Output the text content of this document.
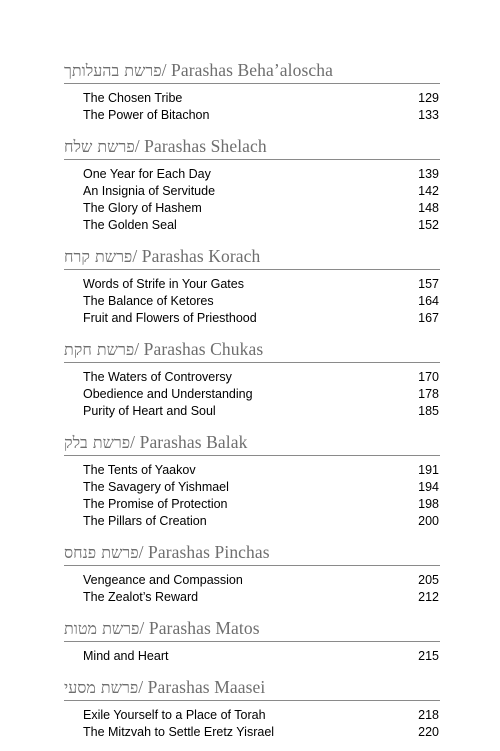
פרשת בהעלותך/ Parashas Beha’aloscha
The Chosen Tribe	129
The Power of Bitachon	133
פרשת שלח/ Parashas Shelach
One Year for Each Day	139
An Insignia of Servitude	142
The Glory of Hashem	148
The Golden Seal	152
פרשת קרח/ Parashas Korach
Words of Strife in Your Gates	157
The Balance of Ketores	164
Fruit and Flowers of Priesthood	167
פרשת חקת/ Parashas Chukas
The Waters of Controversy	170
Obedience and Understanding	178
Purity of Heart and Soul	185
פרשת בלק/ Parashas Balak
The Tents of Yaakov	191
The Savagery of Yishmael	194
The Promise of Protection	198
The Pillars of Creation	200
פרשת פנחס/ Parashas Pinchas
Vengeance and Compassion	205
The Zealot’s Reward	212
פרשת מטות/ Parashas Matos
Mind and Heart	215
פרשת מסעי/ Parashas Maasei
Exile Yourself to a Place of Torah	218
The Mitzvah to Settle Eretz Yisrael	220
